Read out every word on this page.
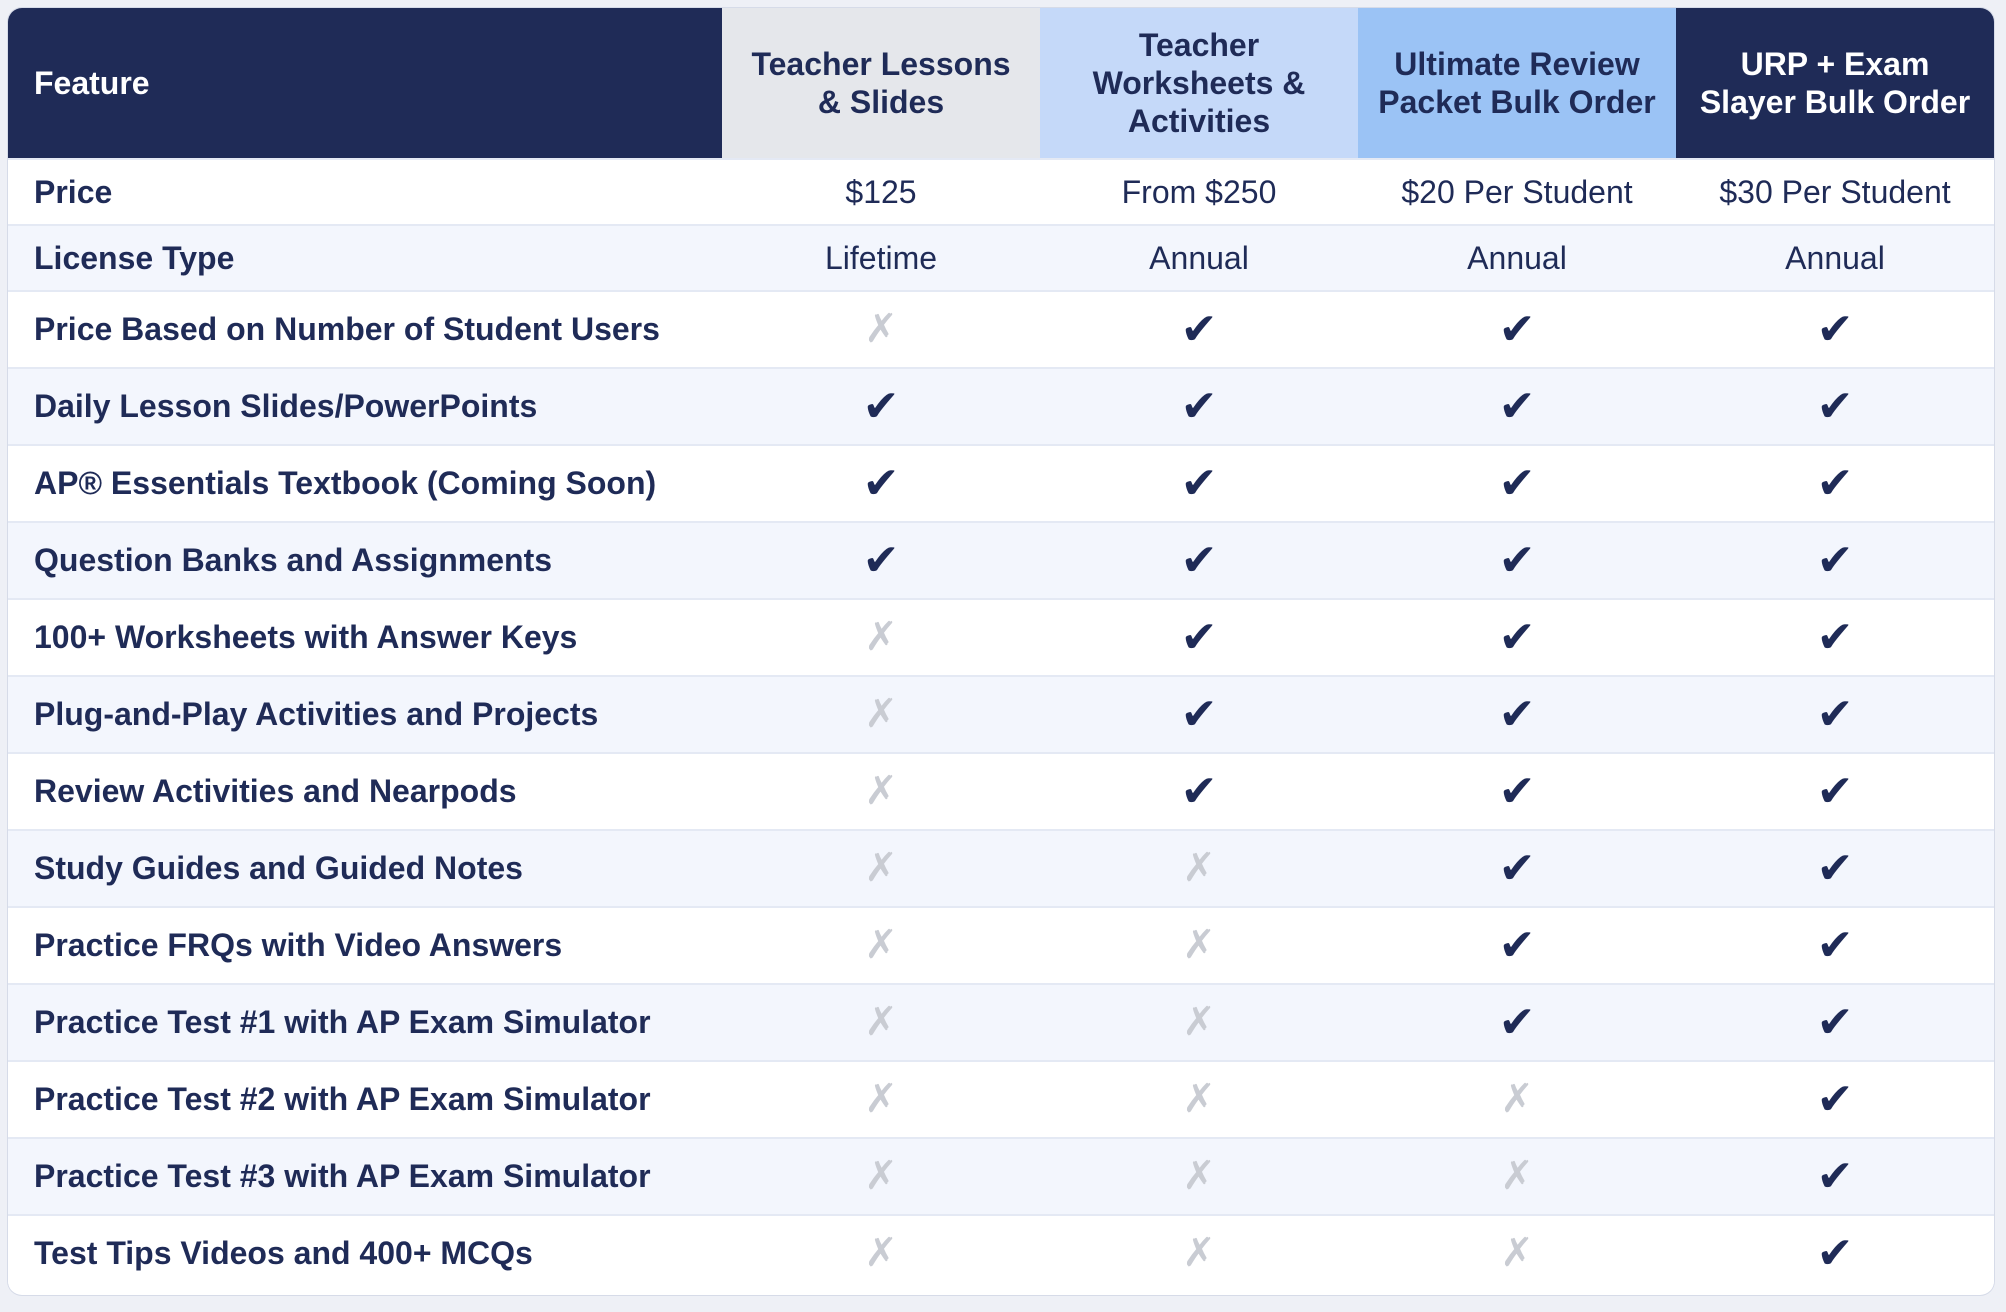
Feature	Teacher Lessons & Slides	Teacher Worksheets & Activities	Ultimate Review Packet Bulk Order	URP + Exam Slayer Bulk Order
Price	$125	From $250	$20 Per Student	$30 Per Student
License Type	Lifetime	Annual	Annual	Annual
Price Based on Number of Student Users	✗	✔	✔	✔
Daily Lesson Slides/PowerPoints	✔	✔	✔	✔
AP® Essentials Textbook (Coming Soon)	✔	✔	✔	✔
Question Banks and Assignments	✔	✔	✔	✔
100+ Worksheets with Answer Keys	✗	✔	✔	✔
Plug-and-Play Activities and Projects	✗	✔	✔	✔
Review Activities and Nearpods	✗	✔	✔	✔
Study Guides and Guided Notes	✗	✗	✔	✔
Practice FRQs with Video Answers	✗	✗	✔	✔
Practice Test #1 with AP Exam Simulator	✗	✗	✔	✔
Practice Test #2 with AP Exam Simulator	✗	✗	✗	✔
Practice Test #3 with AP Exam Simulator	✗	✗	✗	✔
Test Tips Videos and 400+ MCQs	✗	✗	✗	✔
